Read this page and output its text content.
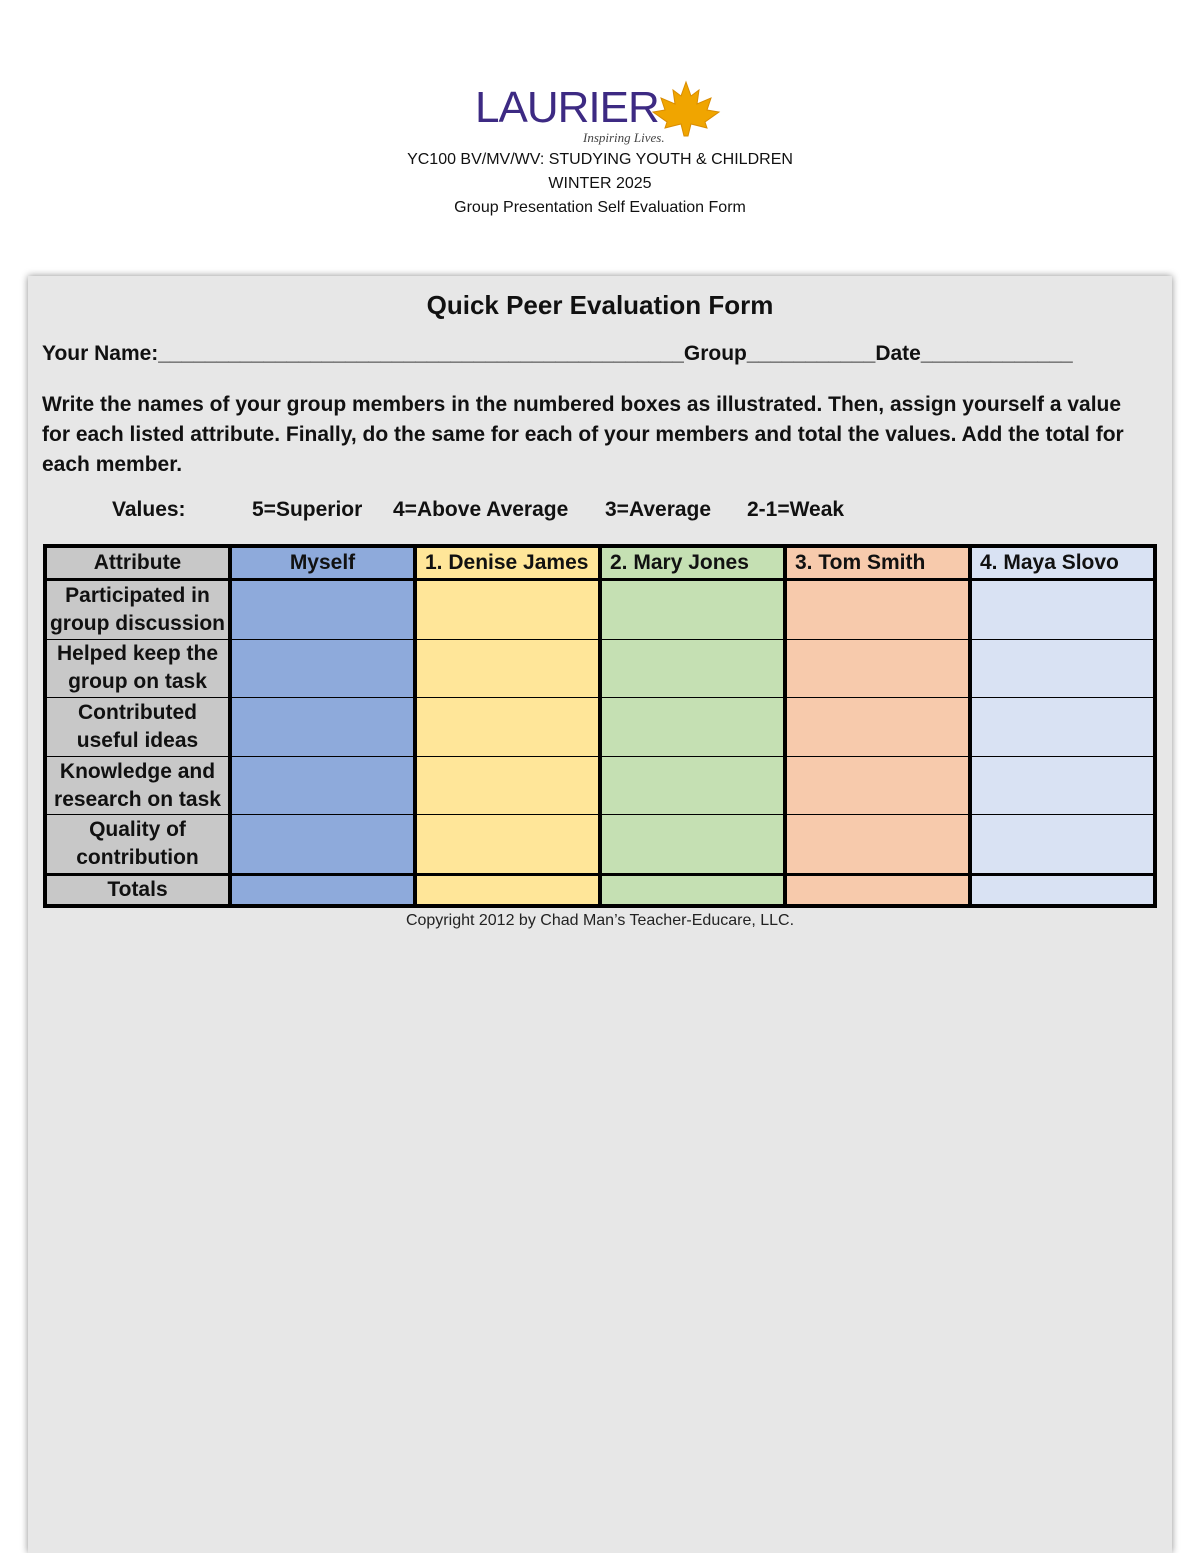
LAURIER
Inspiring Lives.
YC100 BV/MV/WV: STUDYING YOUTH & CHILDREN
WINTER 2025
Group Presentation Self Evaluation Form
Quick Peer Evaluation Form
Your Name:_____________________________________________Group___________Date_____________
Write the names of your group members in the numbered boxes as illustrated. Then, assign yourself a value for each listed attribute. Finally, do the same for each of your members and total the values. Add the total for each member.
Values:	5=Superior 4=Above Average 3=Average 2-1=Weak
Attribute	Myself	1. Denise James	2. Mary Jones	3. Tom Smith	4. Maya Slovo
Participated in
group discussion					
Helped keep the
group on task					
Contributed
useful ideas					
Knowledge and
research on task					
Quality of
contribution					
Totals					
Copyright 2012 by Chad Man’s Teacher-Educare, LLC.
